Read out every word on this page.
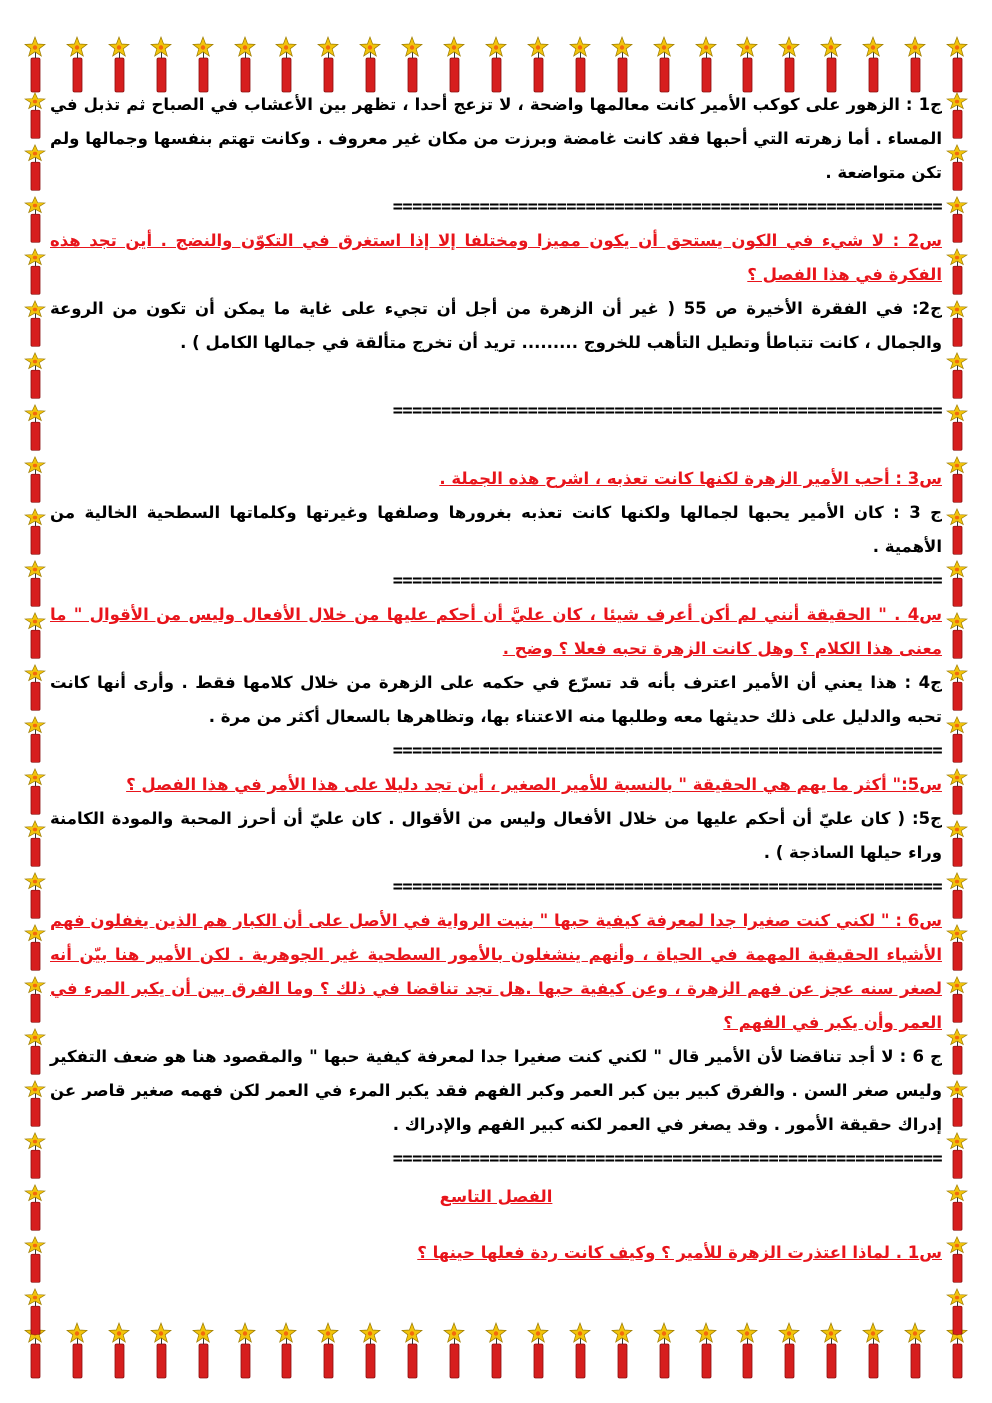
ج1 : الزهور على كوكب الأمير كانت معالمها واضحة ، لا تزعج أحدا ، تظهر بين الأعشاب في الصباح ثم تذبل في المساء . أما زهرته التي أحبها فقد كانت غامضة وبرزت من مكان غير معروف . وكانت تهتم بنفسها وجمالها ولم تكن متواضعة .

=========================================================

س2 : لا شيء في الكون يستحق أن يكون مميزا ومختلفا إلا إذا استغرق في التكوّن والنضج . أين تجد هذه الفكرة في هذا الفصل ؟

ج2: في الفقرة الأخيرة ص 55 ( غير أن الزهرة من أجل أن تجيء على غاية ما يمكن أن تكون من الروعة والجمال ، كانت تتباطأ وتطيل التأهب للخروج ......... تريد أن تخرج متألقة في جمالها الكامل ) .

=========================================================

س3 : أحب الأمير الزهرة لكنها كانت تعذبه ، اشرح هذه الجملة .

ج 3 : كان الأمير يحبها لجمالها ولكنها كانت تعذبه بغرورها وصلفها وغيرتها وكلماتها السطحية الخالية من الأهمية .

=========================================================

س4 . " الحقيقة أنني لم أكن أعرف شيئا ، كان عليَّ أن أحكم عليها من خلال الأفعال وليس من الأقوال " ما معنى هذا الكلام ؟ وهل كانت الزهرة تحبه فعلا ؟ وضح .

ج4 : هذا يعني أن الأمير اعترف بأنه قد تسرّع في حكمه على الزهرة من خلال كلامها فقط . وأرى أنها كانت تحبه والدليل على ذلك حديثها معه وطلبها منه الاعتناء بها، وتظاهرها بالسعال أكثر من مرة .

=========================================================

س5:" أكثر ما يهم هي الحقيقة " بالنسبة للأمير الصغير ، أين تجد دليلا على هذا الأمر في هذا الفصل ؟

ج5: ( كان عليّ أن أحكم عليها من خلال الأفعال وليس من الأقوال . كان عليّ أن أحرز المحبة والمودة الكامنة وراء حيلها الساذجة ) .

=========================================================

س6 : " لكني كنت صغيرا جدا لمعرفة كيفية حبها " بنيت الرواية في الأصل على أن الكبار هم الذين يغفلون فهم الأشياء الحقيقية المهمة في الحياة ، وأنهم ينشغلون بالأمور السطحية غير الجوهرية . لكن الأمير هنا بيّن أنه لصغر سنه عجز عن فهم الزهرة ، وعن كيفية حبها .هل تجد تناقضا في ذلك ؟ وما الفرق بين أن يكبر المرء في العمر وأن يكبر في الفهم ؟

ج 6 : لا أجد تناقضا لأن الأمير قال " لكني كنت صغيرا جدا لمعرفة كيفية حبها " والمقصود هنا هو ضعف التفكير وليس صغر السن . والفرق كبير بين كبر العمر وكبر الفهم فقد يكبر المرء في العمر لكن فهمه صغير قاصر عن إدراك حقيقة الأمور . وقد يصغر في العمر لكنه كبير الفهم والإدراك .

=========================================================
الفصل التاسع

س1 . لماذا اعتذرت الزهرة للأمير ؟ وكيف كانت ردة فعلها حينها ؟
